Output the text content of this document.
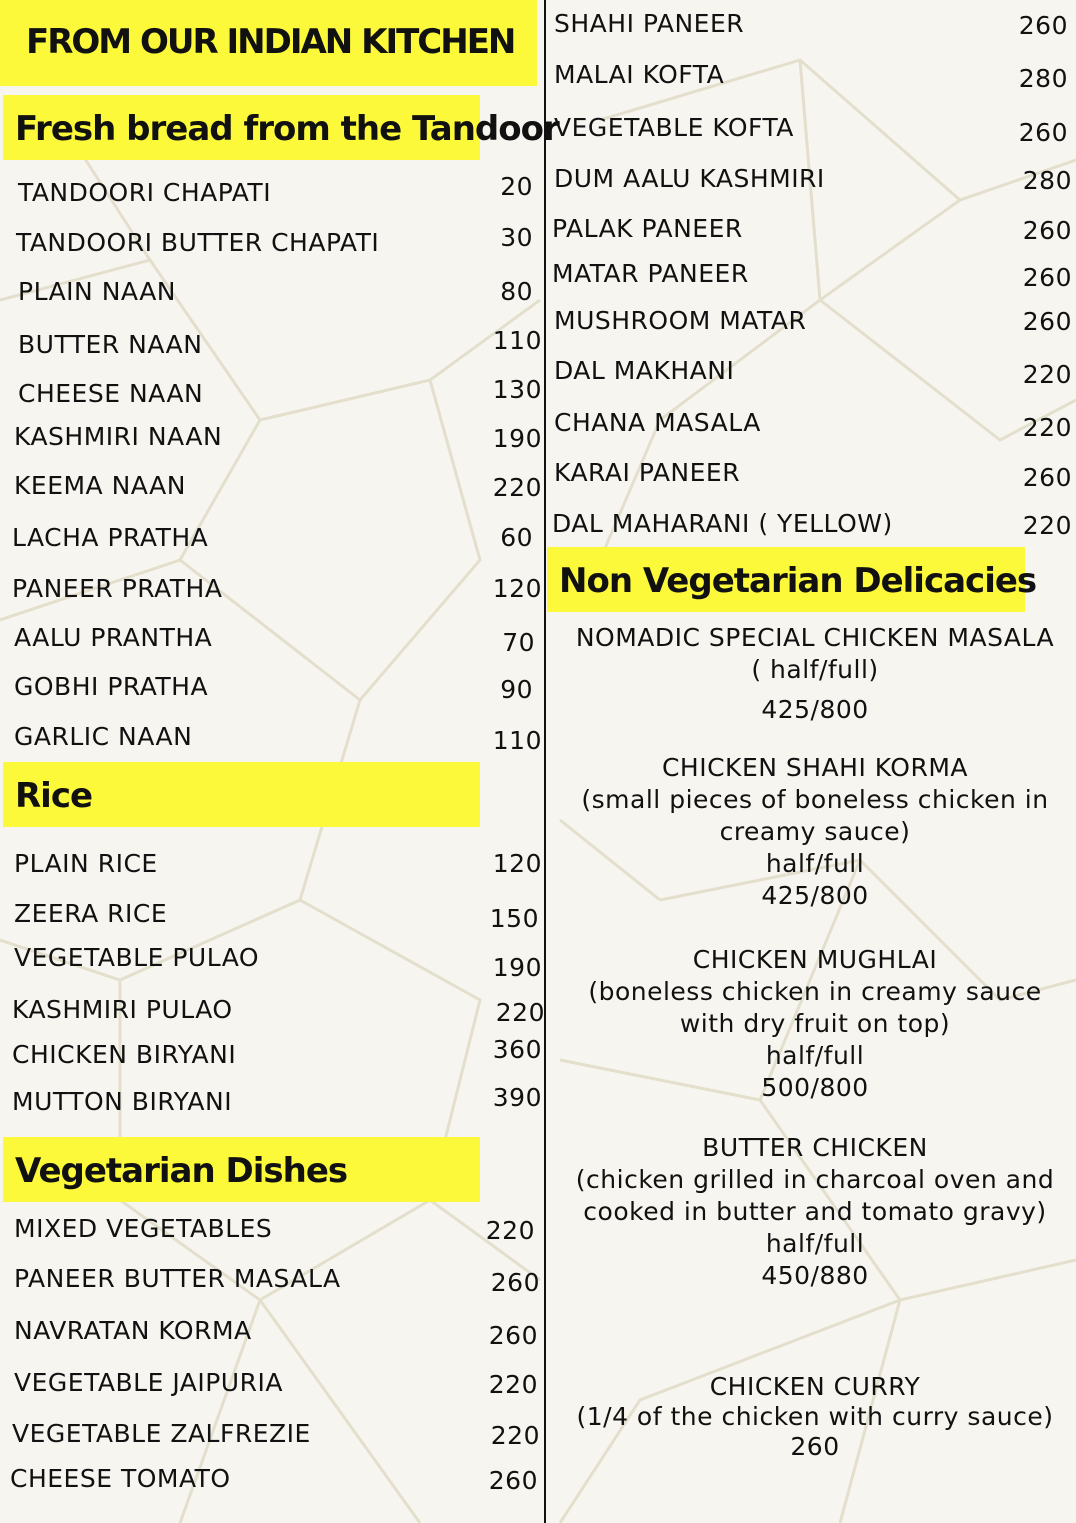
FROM OUR INDIAN KITCHEN
Fresh bread from the Tandoor
Rice
Vegetarian Dishes
Non Vegetarian Delicacies
TANDOORI CHAPATI	20
TANDOORI BUTTER CHAPATI	30
PLAIN NAAN	80
BUTTER NAAN	110
CHEESE NAAN	130
KASHMIRI NAAN	190
KEEMA NAAN	220
LACHA PRATHA	60
PANEER PRATHA	120
AALU PRANTHA	70
GOBHI PRATHA	90
GARLIC NAAN	110
PLAIN RICE	120
ZEERA RICE	150
VEGETABLE PULAO	190
KASHMIRI PULAO	220
CHICKEN BIRYANI	360
MUTTON BIRYANI	390
MIXED VEGETABLES	220
PANEER BUTTER MASALA	260
NAVRATAN KORMA	260
VEGETABLE JAIPURIA	220
VEGETABLE ZALFREZIE	220
CHEESE TOMATO	260
SHAHI PANEER	260
MALAI KOFTA	280
VEGETABLE KOFTA	260
DUM AALU KASHMIRI	280
PALAK PANEER	260
MATAR PANEER	260
MUSHROOM MATAR	260
DAL MAKHANI	220
CHANA MASALA	220
KARAI PANEER	260
DAL MAHARANI ( YELLOW)	220
NOMADIC SPECIAL CHICKEN MASALA
( half/full)
425/800
CHICKEN SHAHI KORMA
(small pieces of boneless chicken in
creamy sauce)
half/full
425/800
CHICKEN MUGHLAI
(boneless chicken in creamy sauce
with dry fruit on top)
half/full
500/800
BUTTER CHICKEN
(chicken grilled in charcoal oven and
cooked in butter and tomato gravy)
half/full
450/880
CHICKEN CURRY
(1/4 of the chicken with curry sauce)
260
